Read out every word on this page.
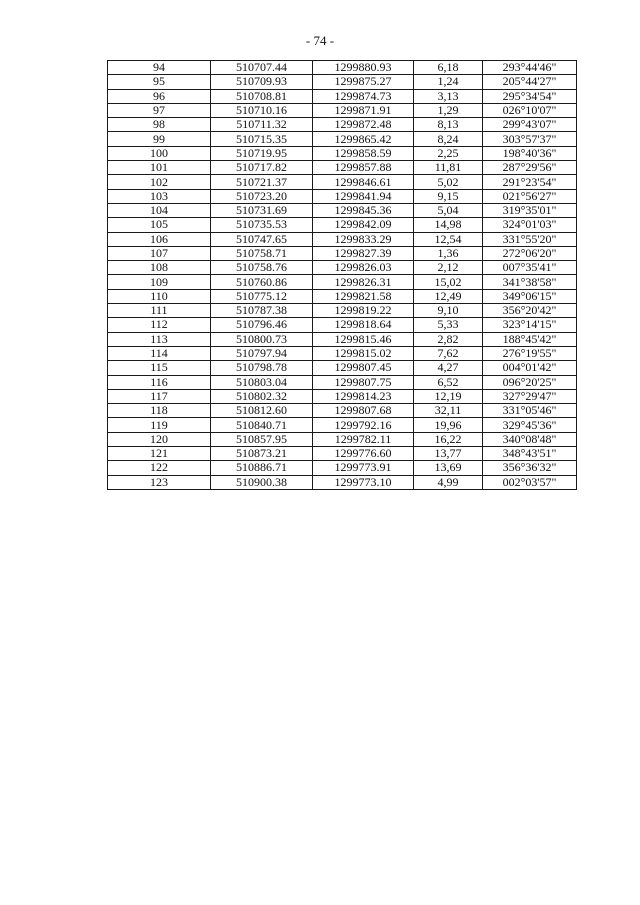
- 74 -
94	510707.44	1299880.93	6,18	293°44'46"
95	510709.93	1299875.27	1,24	205°44'27"
96	510708.81	1299874.73	3,13	295°34'54"
97	510710.16	1299871.91	1,29	026°10'07"
98	510711.32	1299872.48	8,13	299°43'07"
99	510715.35	1299865.42	8,24	303°57'37"
100	510719.95	1299858.59	2,25	198°40'36"
101	510717.82	1299857.88	11,81	287°29'56"
102	510721.37	1299846.61	5,02	291°23'54"
103	510723.20	1299841.94	9,15	021°56'27"
104	510731.69	1299845.36	5,04	319°35'01"
105	510735.53	1299842.09	14,98	324°01'03"
106	510747.65	1299833.29	12,54	331°55'20"
107	510758.71	1299827.39	1,36	272°06'20"
108	510758.76	1299826.03	2,12	007°35'41"
109	510760.86	1299826.31	15,02	341°38'58"
110	510775.12	1299821.58	12,49	349°06'15"
111	510787.38	1299819.22	9,10	356°20'42"
112	510796.46	1299818.64	5,33	323°14'15"
113	510800.73	1299815.46	2,82	188°45'42"
114	510797.94	1299815.02	7,62	276°19'55"
115	510798.78	1299807.45	4,27	004°01'42"
116	510803.04	1299807.75	6,52	096°20'25"
117	510802.32	1299814.23	12,19	327°29'47"
118	510812.60	1299807.68	32,11	331°05'46"
119	510840.71	1299792.16	19,96	329°45'36"
120	510857.95	1299782.11	16,22	340°08'48"
121	510873.21	1299776.60	13,77	348°43'51"
122	510886.71	1299773.91	13,69	356°36'32"
123	510900.38	1299773.10	4,99	002°03'57"
